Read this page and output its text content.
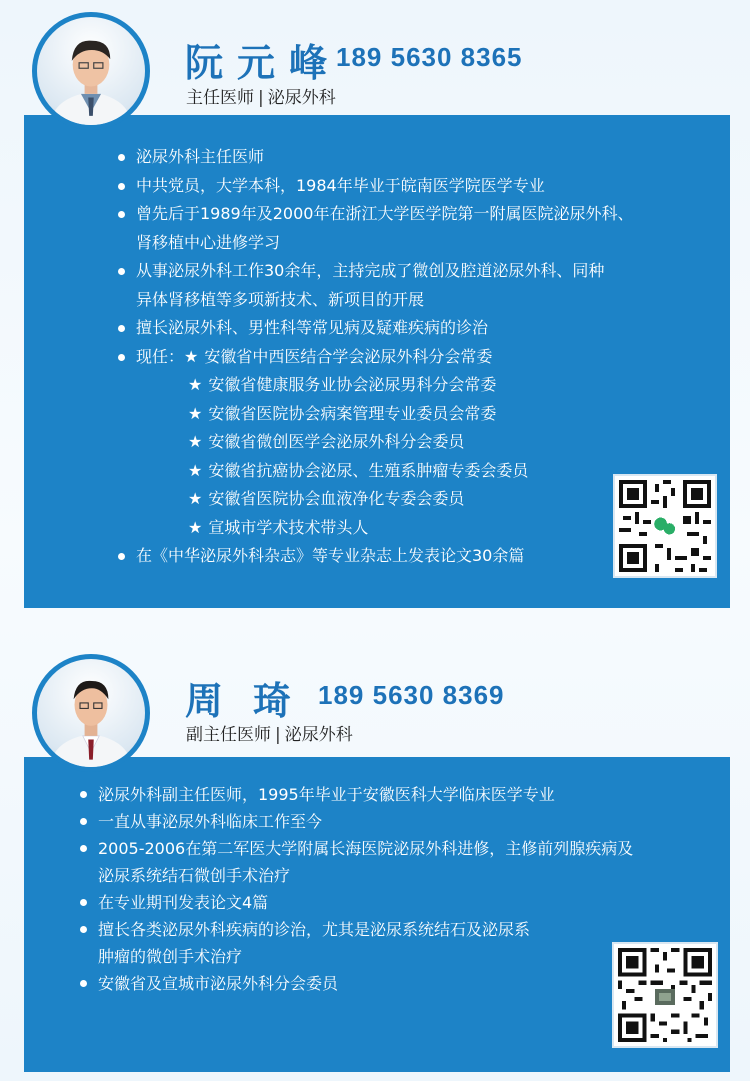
泌尿外科主任医师
中共党员，大学本科，1984年毕业于皖南医学院医学专业
曾先后于1989年及2000年在浙江大学医学院第一附属医院泌尿外科、
肾移植中心进修学习
从事泌尿外科工作30余年，主持完成了微创及腔道泌尿外科、同种
异体肾移植等多项新技术、新项目的开展
擅长泌尿外科、男性科等常见病及疑难疾病的诊治
现任：★ 安徽省中西医结合学会泌尿外科分会常委
★ 安徽省健康服务业协会泌尿男科分会常委
★ 安徽省医院协会病案管理专业委员会常委
★ 安徽省微创医学会泌尿外科分会委员
★ 安徽省抗癌协会泌尿、生殖系肿瘤专委会委员
★ 安徽省医院协会血液净化专委会委员
★ 宣城市学术技术带头人
在《中华泌尿外科杂志》等专业杂志上发表论文30余篇
阮元峰
189 5630 8365
主任医师 | 泌尿外科
泌尿外科副主任医师，1995年毕业于安徽医科大学临床医学专业
一直从事泌尿外科临床工作至今
2005-2006在第二军医大学附属长海医院泌尿外科进修，主修前列腺疾病及
泌尿系统结石微创手术治疗
在专业期刊发表论文4篇
擅长各类泌尿外科疾病的诊治，尤其是泌尿系统结石及泌尿系
肿瘤的微创手术治疗
安徽省及宣城市泌尿外科分会委员
周琦
189 5630 8369
副主任医师 | 泌尿外科
